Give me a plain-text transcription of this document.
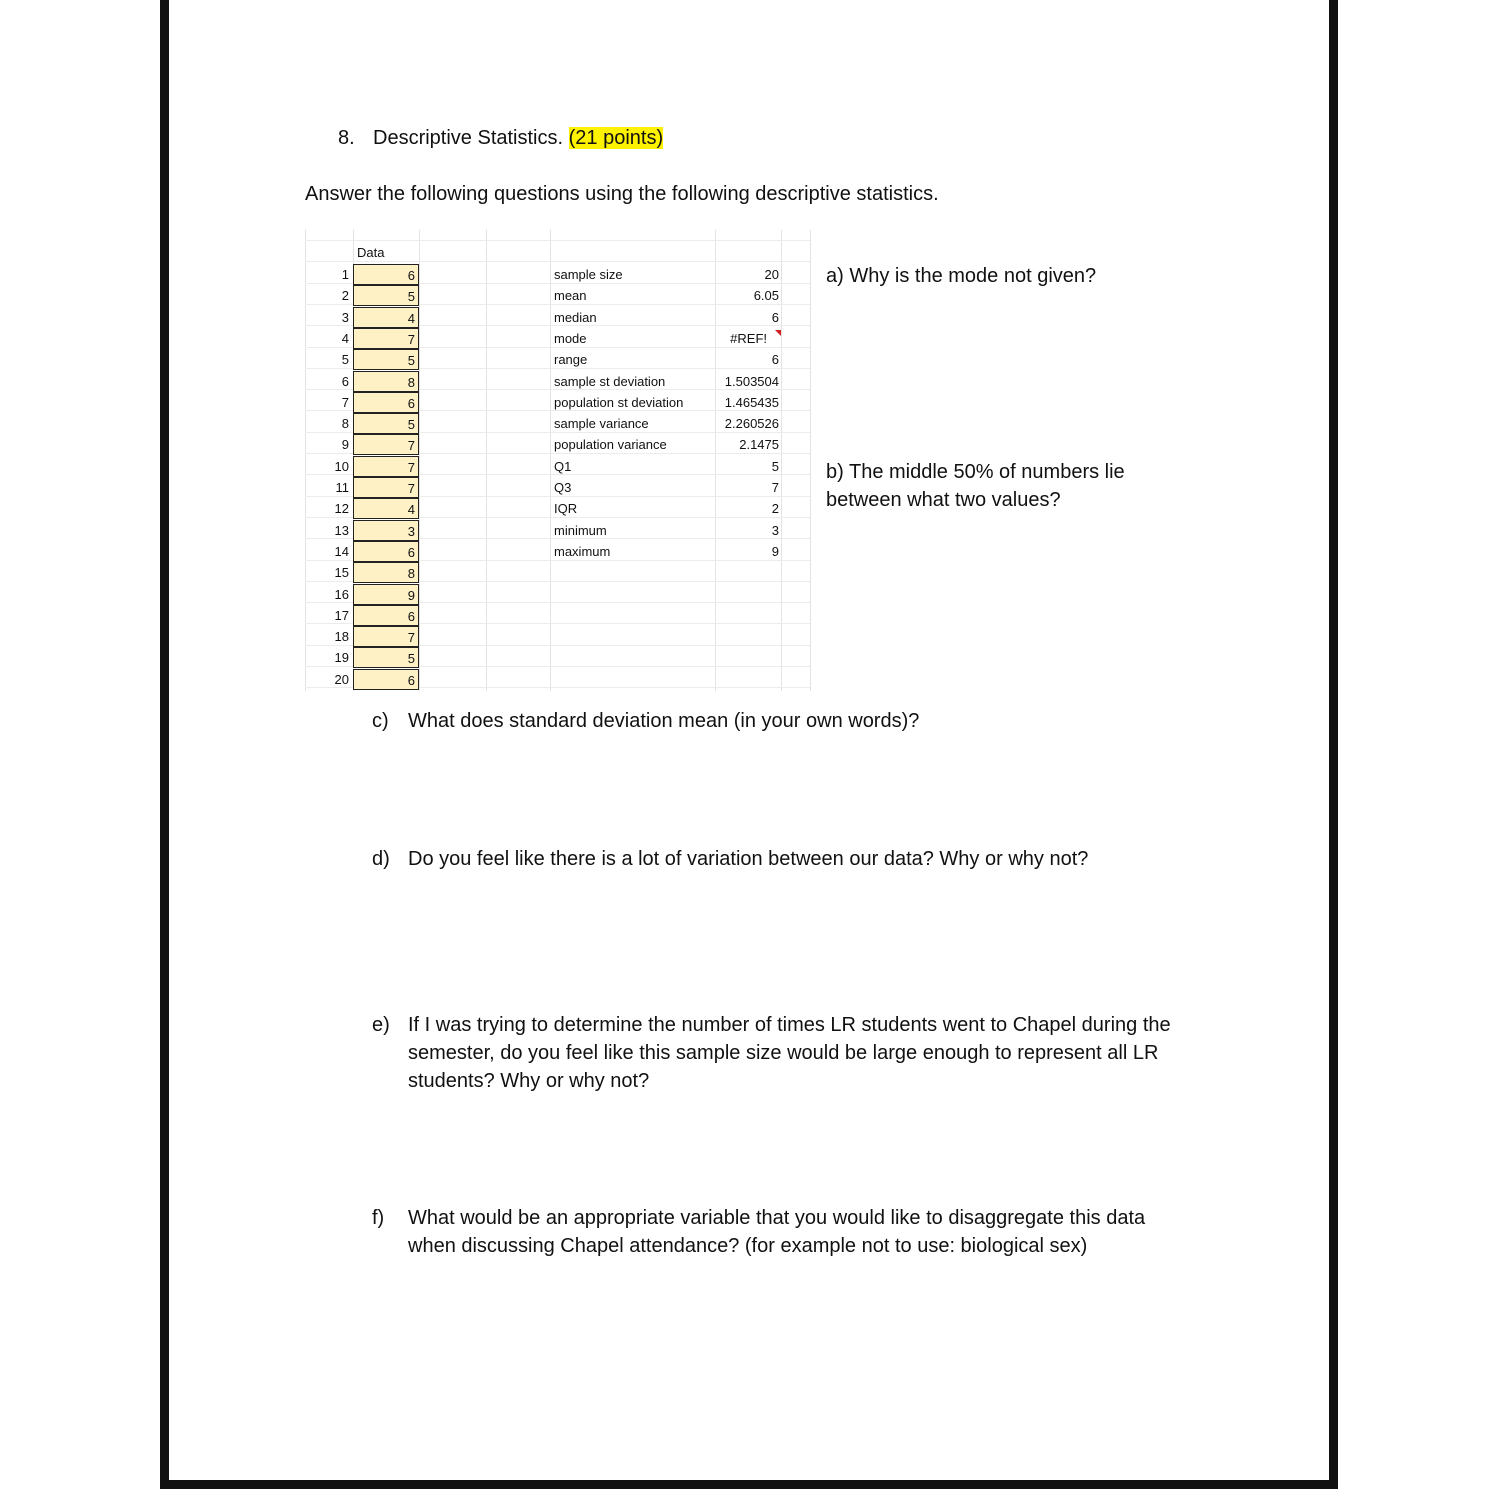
8. Descriptive Statistics. (21 points)
Answer the following questions using the following descriptive statistics.
Data
1	6
2	5
3	4
4	7
5	5
6	8
7	6
8	5
9	7
10	7
11	7
12	4
13	3
14	6
15	8
16	9
17	6
18	7
19	5
20	6
sample size	20
mean	6.05
median	6
mode	#REF!
range	6
sample st deviation	1.503504
population st deviation	1.465435
sample variance	2.260526
population variance	2.1475
Q1	5
Q3	7
IQR	2
minimum	3
maximum	9
a) Why is the mode not given?
b) The middle 50% of numbers lie between what two values?
c) What does standard deviation mean (in your own words)?
d) Do you feel like there is a lot of variation between our data? Why or why not?
e) If I was trying to determine the number of times LR students went to Chapel during the semester, do you feel like this sample size would be large enough to represent all LR students? Why or why not?
f) What would be an appropriate variable that you would like to disaggregate this data when discussing Chapel attendance? (for example not to use: biological sex)
